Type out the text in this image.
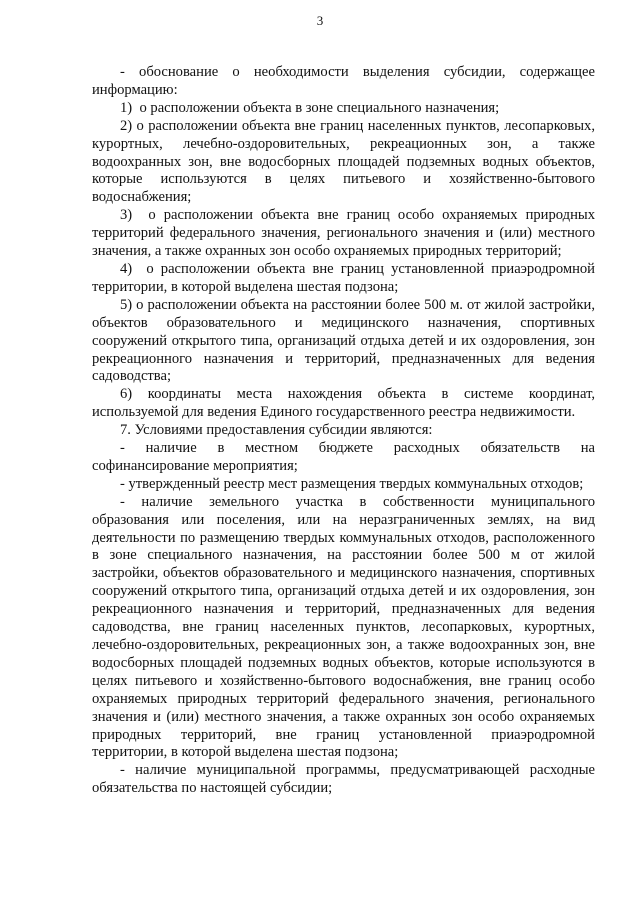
3

- обоснование о необходимости выделения субсидии, содержащее информацию:

1)  о расположении объекта в зоне специального назначения;

2) о расположении объекта вне границ населенных пунктов, лесопарковых, курортных, лечебно-оздоровительных, рекреационных зон, а также водоохранных зон, вне водосборных площадей подземных водных объектов, которые используются в целях питьевого и хозяйственно-бытового водоснабжения;

3)  о расположении объекта вне границ особо охраняемых природных территорий федерального значения, регионального значения и (или) местного значения, а также охранных зон особо охраняемых природных территорий;

4)  о расположении объекта вне границ установленной приаэродромной территории, в которой выделена шестая подзона;

5) о расположении объекта на расстоянии более 500 м. от жилой застройки, объектов образовательного и медицинского назначения, спортивных сооружений открытого типа, организаций отдыха детей и их оздоровления, зон рекреационного назначения и территорий, предназначенных для ведения садоводства;

6) координаты места нахождения объекта в системе координат, используемой для ведения Единого государственного реестра недвижимости.

7. Условиями предоставления субсидии являются:

- наличие в местном бюджете расходных обязательств на софинансирование мероприятия;

- утвержденный реестр мест размещения твердых коммунальных отходов;

- наличие земельного участка в собственности муниципального образования или поселения, или на неразграниченных землях, на вид деятельности по размещению твердых коммунальных отходов, расположенного в зоне специального назначения, на расстоянии более 500 м от жилой застройки, объектов образовательного и медицинского назначения, спортивных сооружений открытого типа, организаций отдыха детей и их оздоровления, зон рекреационного назначения и территорий, предназначенных для ведения садоводства, вне границ населенных пунктов, лесопарковых, курортных, лечебно-оздоровительных, рекреационных зон, а также водоохранных зон, вне водосборных площадей подземных водных объектов, которые используются в целях питьевого и хозяйственно-бытового водоснабжения, вне границ особо охраняемых природных территорий федерального значения, регионального значения и (или) местного значения, а также охранных зон особо охраняемых природных территорий, вне границ установленной приаэродромной территории, в которой выделена шестая подзона;

- наличие муниципальной программы, предусматривающей расходные обязательства по настоящей субсидии;
